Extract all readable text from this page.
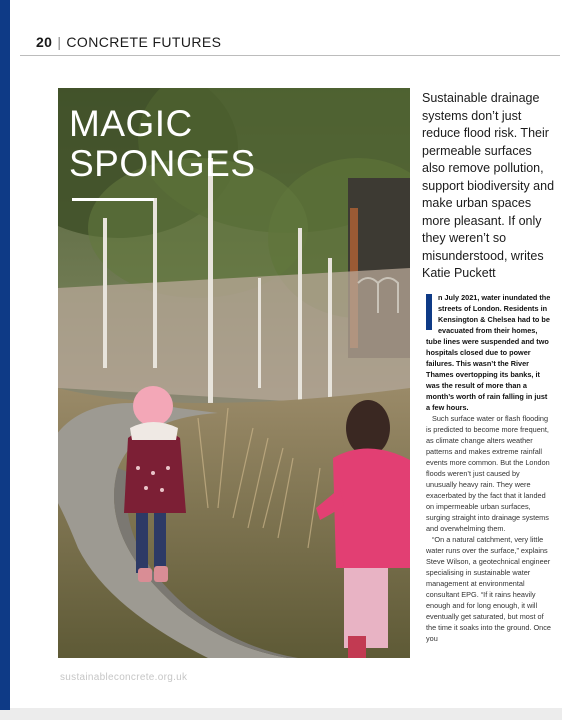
20 | CONCRETE FUTURES
MAGIC
SPONGES
Sustainable drainage systems don’t just reduce flood risk. Their permeable surfaces also remove pollution, support biodiversity and make urban spaces more pleasant. If only they weren’t so misunderstood, writes Katie Puckett

n July 2021, water inundated the streets of London. Residents in Kensington & Chelsea had to be evacuated from their homes, tube lines were suspended and two hospitals closed due to power failures. This wasn’t the River Thames overtopping its banks, it was the result of more than a month’s worth of rain falling in just a few hours.

Such surface water or flash flooding is predicted to become more frequent, as climate change alters weather patterns and makes extreme rainfall events more common. But the London floods weren’t just caused by unusually heavy rain. They were exacerbated by the fact that it landed on impermeable urban surfaces, surging straight into drainage systems and overwhelming them.

“On a natural catchment, very little water runs over the surface,” explains Steve Wilson, a geotechnical engineer specialising in sustainable water management at environmental consultant EPG. “If it rains heavily enough and for long enough, it will eventually get saturated, but most of the time it soaks into the ground. Once you

sustainableconcrete.org.uk
